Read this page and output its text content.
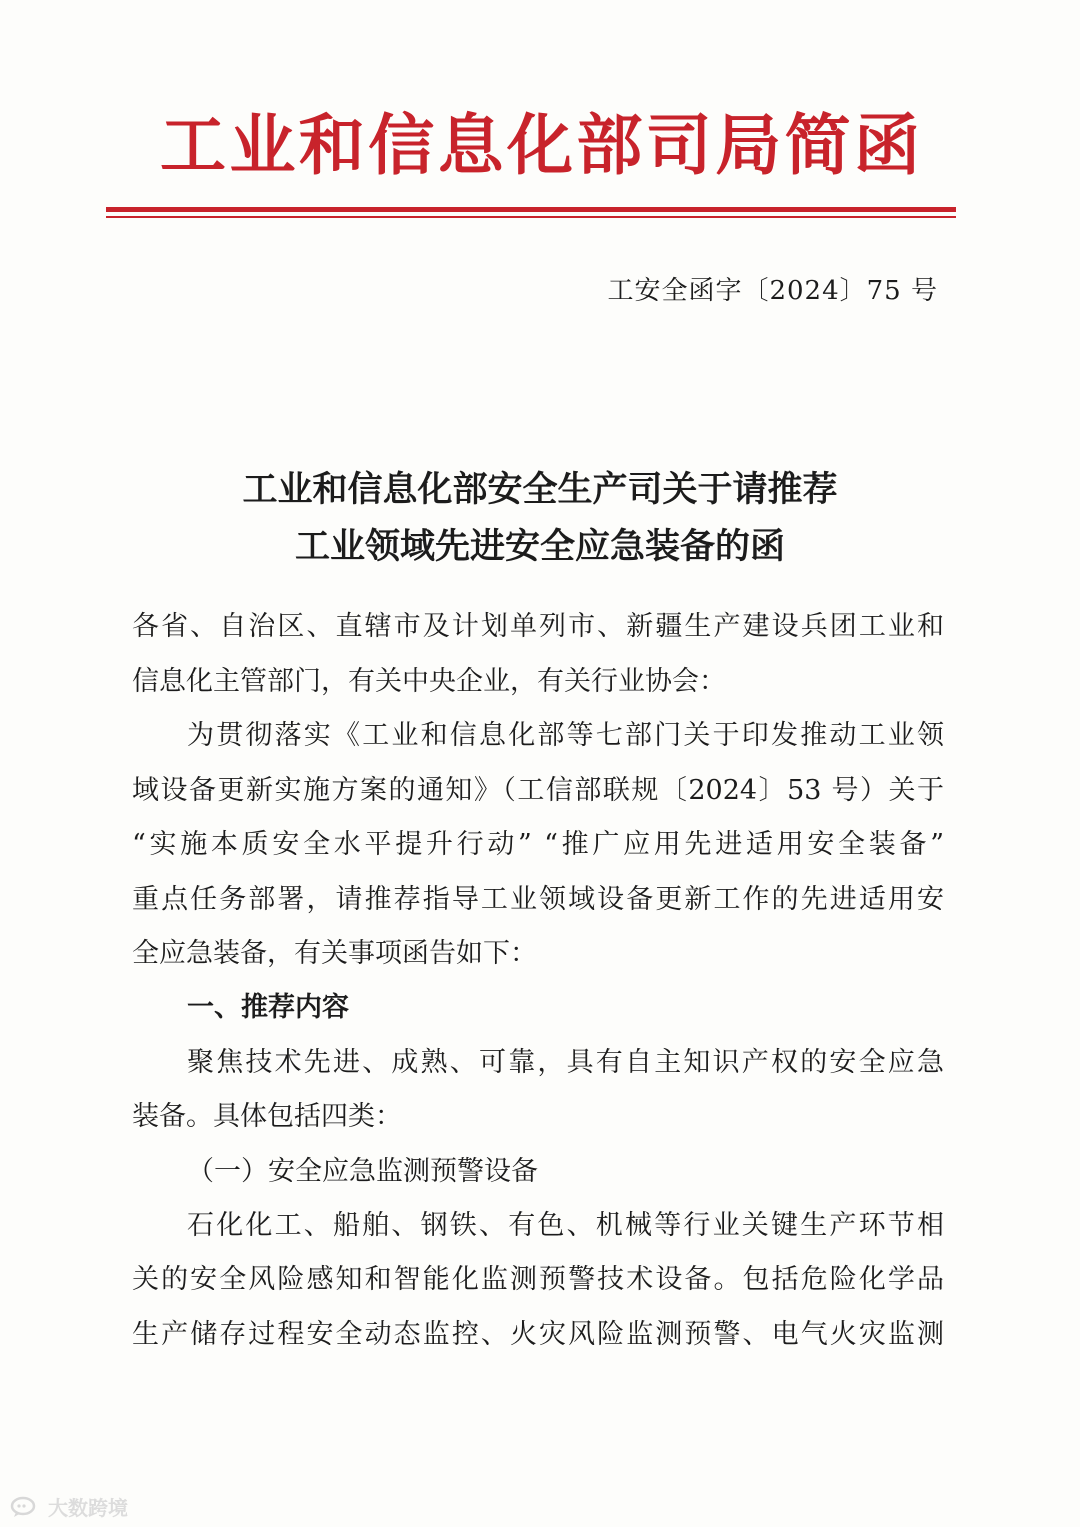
工业和信息化部司局简函
工安全函字〔2024〕75 号
工业和信息化部安全生产司关于请推荐
工业领域先进安全应急装备的函
各省、自治区、直辖市及计划单列市、新疆生产建设兵团工业和
信息化主管部门，有关中央企业，有关行业协会：
为贯彻落实《工业和信息化部等七部门关于印发推动工业领
域设备更新实施方案的通知》（工信部联规〔2024〕53 号）关于
“实施本质安全水平提升行动” “推广应用先进适用安全装备”
重点任务部署，请推荐指导工业领域设备更新工作的先进适用安
全应急装备，有关事项函告如下：
一、推荐内容
聚焦技术先进、成熟、可靠，具有自主知识产权的安全应急
装备。具体包括四类：
（一）安全应急监测预警设备
石化化工、船舶、钢铁、有色、机械等行业关键生产环节相
关的安全风险感知和智能化监测预警技术设备。包括危险化学品
生产储存过程安全动态监控、火灾风险监测预警、电气火灾监测
大数跨境
